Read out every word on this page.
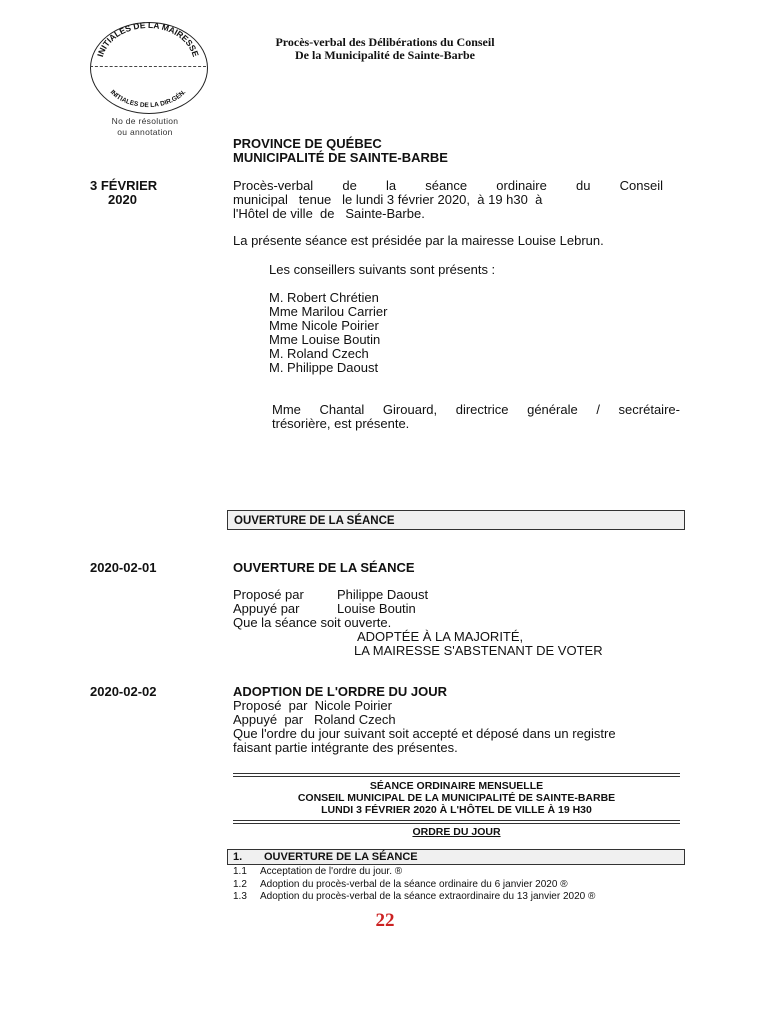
INITIALES DE LA MAIRESSE
INITIALES DE LA DIR.GÉN.
No de résolution
ou annotation
Procès-verbal des Délibérations du Conseil
De la Municipalité de Sainte-Barbe
PROVINCE DE QUÉBEC
MUNICIPALITÉ DE SAINTE-BARBE
3 FÉVRIER
2020
Procès-verbal de la séance ordinaire du Conseil
municipal   tenue   le lundi 3 février 2020,  à 19 h30  à
l'Hôtel de ville  de   Sainte-Barbe.
La présente séance est présidée par la mairesse Louise Lebrun.
Les conseillers suivants sont présents :
M. Robert Chrétien
Mme Marilou Carrier
Mme Nicole Poirier
Mme Louise Boutin
M. Roland Czech
M. Philippe Daoust
Mme Chantal Girouard, directrice générale / secrétaire-
trésorière, est présente.
OUVERTURE DE LA SÉANCE
2020-02-01	OUVERTURE DE LA SÉANCE
Proposé par	Philippe Daoust
Appuyé par	Louise Boutin
Que la séance soit ouverte.
ADOPTÉE À LA MAJORITÉ,
LA MAIRESSE S'ABSTENANT DE VOTER
2020-02-02	ADOPTION DE L'ORDRE DU JOUR
Proposé  par  Nicole Poirier
Appuyé  par   Roland Czech
Que l'ordre du jour suivant soit accepté et déposé dans un registre
faisant partie intégrante des présentes.
SÉANCE ORDINAIRE MENSUELLE
CONSEIL MUNICIPAL DE LA MUNICIPALITÉ DE SAINTE-BARBE
LUNDI 3 FÉVRIER 2020 À L'HÔTEL DE VILLE À 19 H30
ORDRE DU JOUR
1. OUVERTURE DE LA SÉANCE
1.1 Acceptation de l'ordre du jour. ®
1.2 Adoption du procès-verbal de la séance ordinaire du 6 janvier 2020 ®
1.3 Adoption du procès-verbal de la séance extraordinaire du 13 janvier 2020 ®
22
